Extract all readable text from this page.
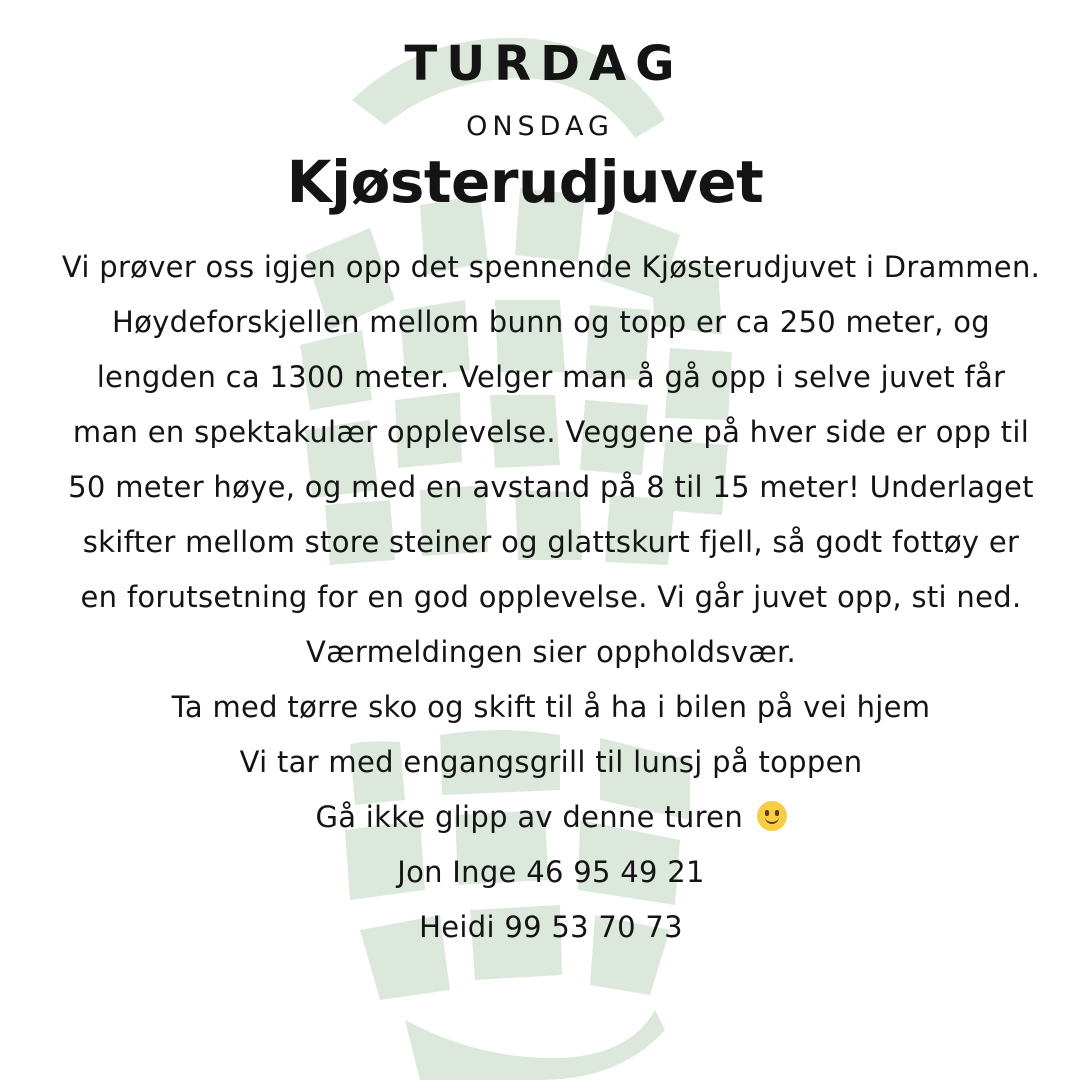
TURDAG
ONSDAG
Kjøsterudjuvet

Vi prøver oss igjen opp det spennende Kjøsterudjuvet i Drammen.

Høydeforskjellen mellom bunn og topp er ca 250 meter, og lengden ca 1300 meter. Velger man å gå opp i selve juvet får man en spektakulær opplevelse. Veggene på hver side er opp til 50 meter høye, og med en avstand på 8 til 15 meter! Underlaget skifter mellom store steiner og glattskurt fjell, så godt fottøy er en forutsetning for en god opplevelse. Vi går juvet opp, sti ned.

Værmeldingen sier oppholdsvær.

Ta med tørre sko og skift til å ha i bilen på vei hjem

Vi tar med engangsgrill til lunsj på toppen

Gå ikke glipp av denne turen

Jon Inge 46 95 49 21

Heidi 99 53 70 73
